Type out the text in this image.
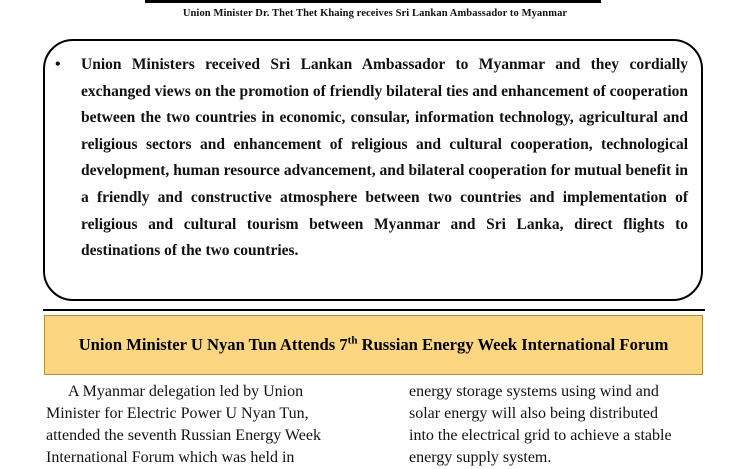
Union Minister Dr. Thet Thet Khaing receives Sri Lankan Ambassador to Myanmar
• Union Ministers received Sri Lankan Ambassador to Myanmar and they cordially exchanged views on the promotion of friendly bilateral ties and enhancement of cooperation between the two countries in economic, consular, information technology, agricultural and religious sectors and enhancement of religious and cultural cooperation, technological development, human resource advancement, and bilateral cooperation for mutual benefit in a friendly and constructive atmosphere between two countries and implementation of religious and cultural tourism between Myanmar and Sri Lanka, direct flights to destinations of the two countries.
Union Minister U Nyan Tun Attends 7th Russian Energy Week International Forum
A Myanmar delegation led by Union
Minister for Electric Power U Nyan Tun,
attended the seventh Russian Energy Week
International Forum which was held in
energy storage systems using wind and
solar energy will also being distributed
into the electrical grid to achieve a stable
energy supply system.
